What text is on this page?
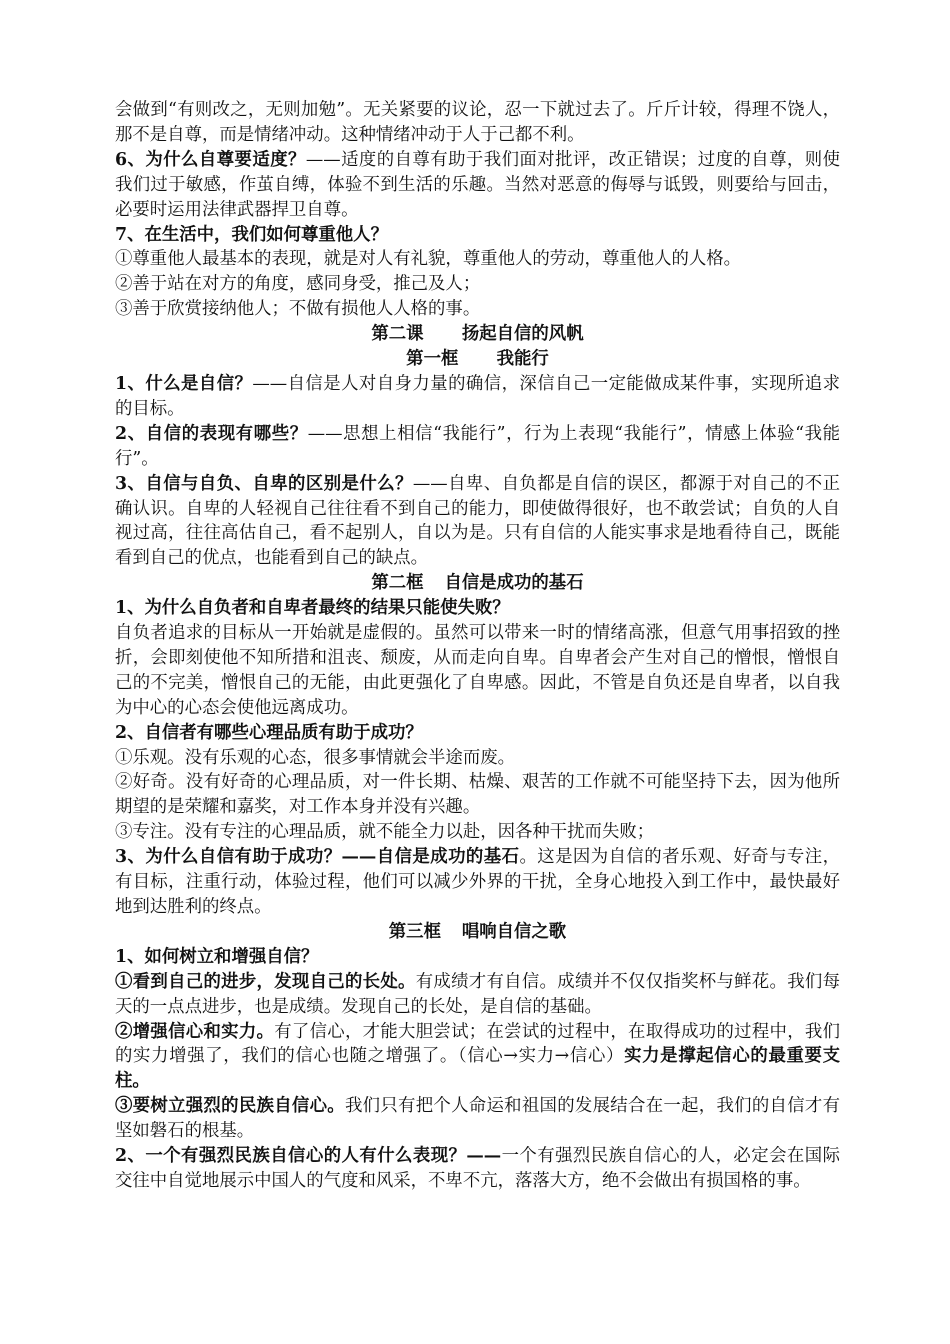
会做到“有则改之，无则加勉”。无关紧要的议论，忍一下就过去了。斤斤计较，得理不饶人，那不是自尊，而是情绪冲动。这种情绪冲动于人于己都不利。

6、为什么自尊要适度？——适度的自尊有助于我们面对批评，改正错误；过度的自尊，则使我们过于敏感，作茧自缚，体验不到生活的乐趣。当然对恶意的侮辱与诋毁，则要给与回击，必要时运用法律武器捍卫自尊。

7、在生活中，我们如何尊重他人？

①尊重他人最基本的表现，就是对人有礼貌，尊重他人的劳动，尊重他人的人格。

②善于站在对方的角度，感同身受，推己及人；

③善于欣赏接纳他人；不做有损他人人格的事。

第二课 扬起自信的风帆

第一框 我能行

1、什么是自信？——自信是人对自身力量的确信，深信自己一定能做成某件事，实现所追求的目标。

2、自信的表现有哪些？——思想上相信“我能行”，行为上表现“我能行”，情感上体验“我能行”。

3、自信与自负、自卑的区别是什么？——自卑、自负都是自信的误区，都源于对自己的不正确认识。自卑的人轻视自己往往看不到自己的能力，即使做得很好，也不敢尝试；自负的人自视过高，往往高估自己，看不起别人，自以为是。只有自信的人能实事求是地看待自己，既能看到自己的优点，也能看到自己的缺点。

第二框 自信是成功的基石

1、为什么自负者和自卑者最终的结果只能使失败？

自负者追求的目标从一开始就是虚假的。虽然可以带来一时的情绪高涨，但意气用事招致的挫折，会即刻使他不知所措和沮丧、颓废，从而走向自卑。自卑者会产生对自己的憎恨，憎恨自己的不完美，憎恨自己的无能，由此更强化了自卑感。因此，不管是自负还是自卑者，以自我为中心的心态会使他远离成功。

2、自信者有哪些心理品质有助于成功？

①乐观。没有乐观的心态，很多事情就会半途而废。

②好奇。没有好奇的心理品质，对一件长期、枯燥、艰苦的工作就不可能坚持下去，因为他所期望的是荣耀和嘉奖，对工作本身并没有兴趣。

③专注。没有专注的心理品质，就不能全力以赴，因各种干扰而失败；

3、为什么自信有助于成功？——自信是成功的基石。这是因为自信的者乐观、好奇与专注，有目标，注重行动，体验过程，他们可以减少外界的干扰，全身心地投入到工作中，最快最好地到达胜利的终点。

第三框 唱响自信之歌

1、如何树立和增强自信？

①看到自己的进步，发现自己的长处。有成绩才有自信。成绩并不仅仅指奖杯与鲜花。我们每天的一点点进步，也是成绩。发现自己的长处，是自信的基础。

②增强信心和实力。有了信心，才能大胆尝试；在尝试的过程中，在取得成功的过程中，我们的实力增强了，我们的信心也随之增强了。（信心→实力→信心）实力是撑起信心的最重要支柱。

③要树立强烈的民族自信心。我们只有把个人命运和祖国的发展结合在一起，我们的自信才有坚如磐石的根基。

2、一个有强烈民族自信心的人有什么表现？——一个有强烈民族自信心的人，必定会在国际交往中自觉地展示中国人的气度和风采，不卑不亢，落落大方，绝不会做出有损国格的事。
